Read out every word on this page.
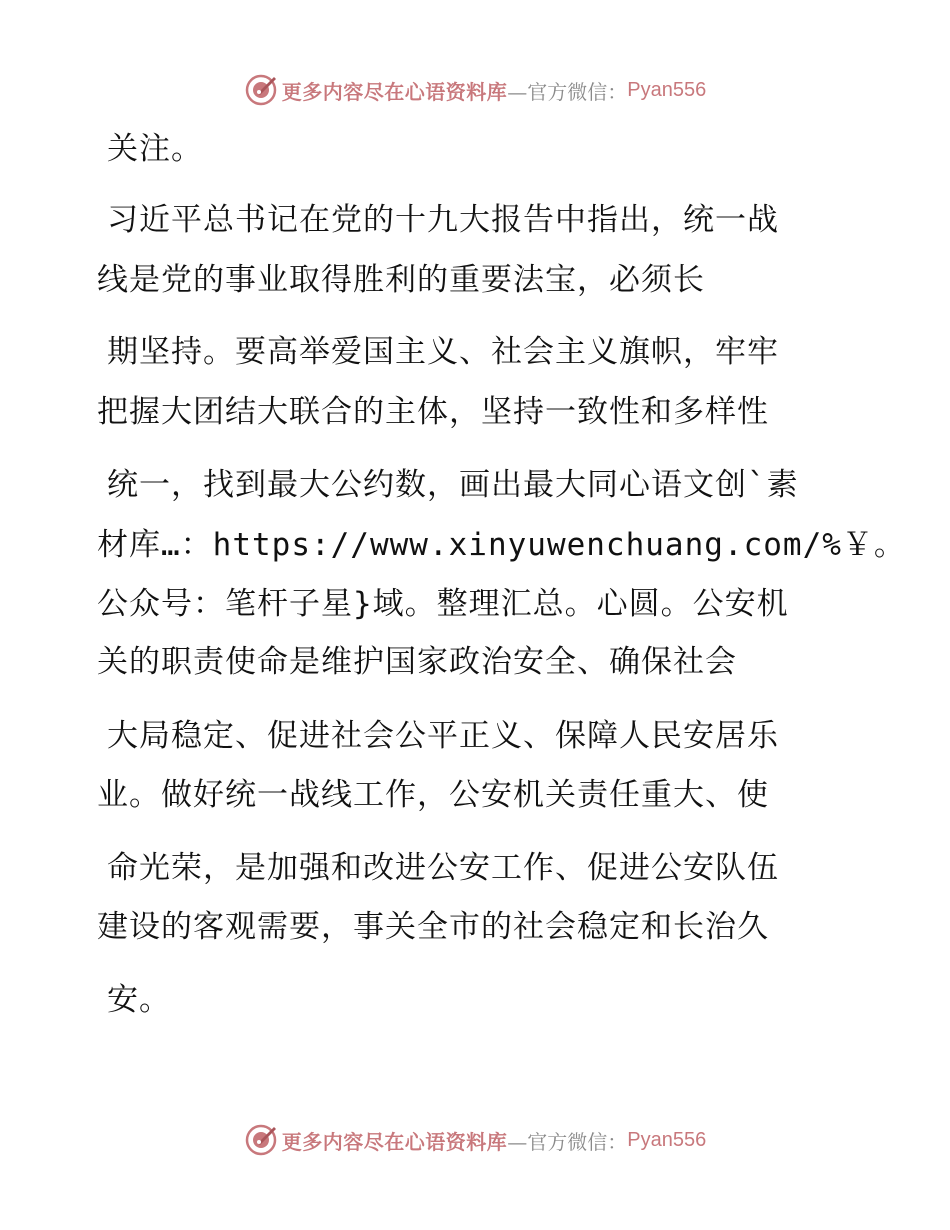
更多内容尽在心语资料库 —官方微信： Pyan556
关注。
习近平总书记在党的十九大报告中指出，统一战
线是党的事业取得胜利的重要法宝，必须长
期坚持。要高举爱国主义、社会主义旗帜，牢牢
把握大团结大联合的主体，坚持一致性和多样性
统一，找到最大公约数，画出最大同心语文创`素
材库…：https://www.xinyuwenchuang.com/%￥。
公众号：笔杆子星}域。整理汇总。心圆。公安机
关的职责使命是维护国家政治安全、确保社会
大局稳定、促进社会公平正义、保障人民安居乐
业。做好统一战线工作，公安机关责任重大、使
命光荣，是加强和改进公安工作、促进公安队伍
建设的客观需要，事关全市的社会稳定和长治久
安。
更多内容尽在心语资料库 —官方微信： Pyan556
